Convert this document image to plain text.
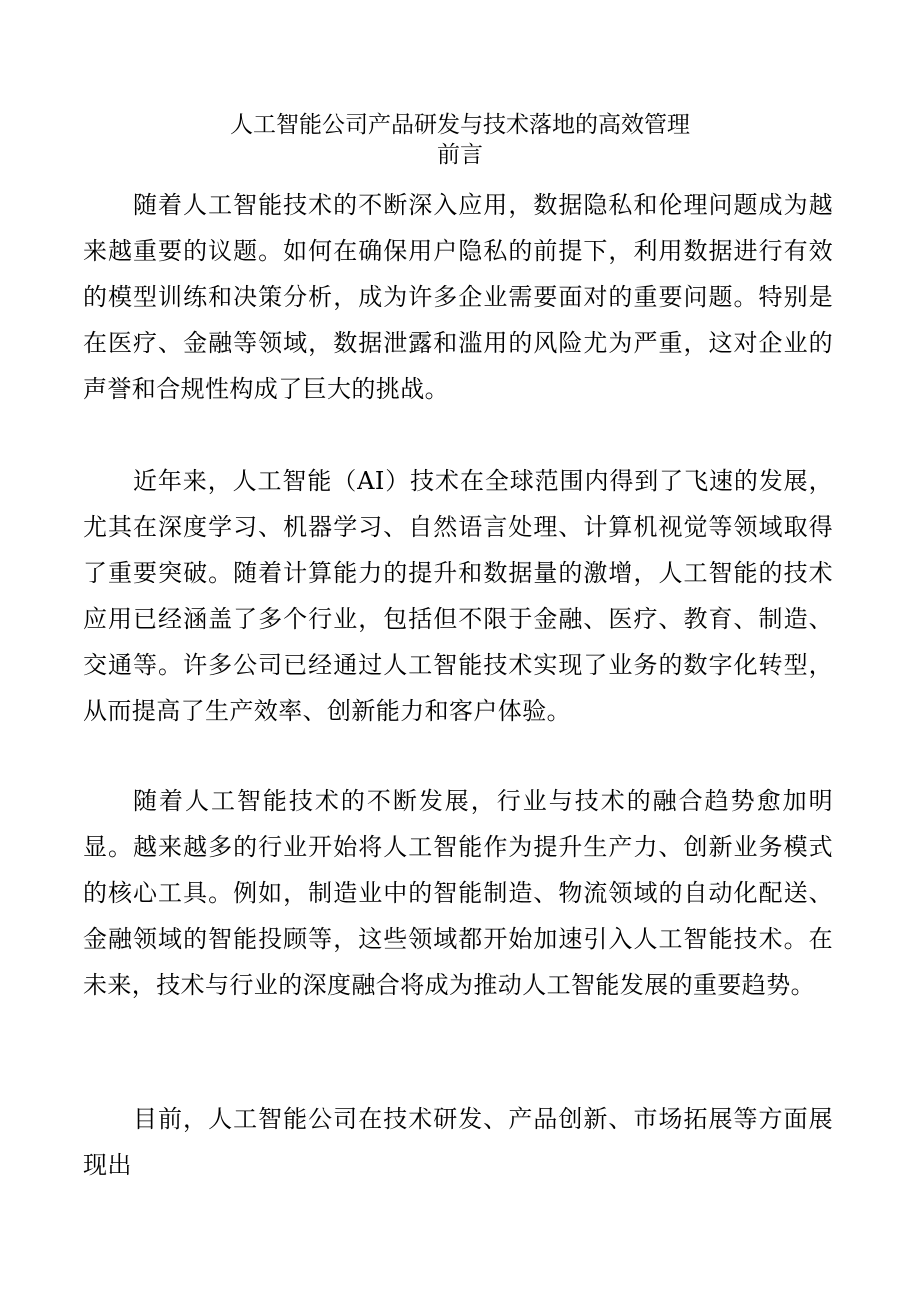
人工智能公司产品研发与技术落地的高效管理
前言

随着人工智能技术的不断深入应用，数据隐私和伦理问题成为越来越重要的议题。如何在确保用户隐私的前提下，利用数据进行有效的模型训练和决策分析，成为许多企业需要面对的重要问题。特别是在医疗、金融等领域，数据泄露和滥用的风险尤为严重，这对企业的声誉和合规性构成了巨大的挑战。

近年来，人工智能（AI）技术在全球范围内得到了飞速的发展，尤其在深度学习、机器学习、自然语言处理、计算机视觉等领域取得了重要突破。随着计算能力的提升和数据量的激增，人工智能的技术应用已经涵盖了多个行业，包括但不限于金融、医疗、教育、制造、交通等。许多公司已经通过人工智能技术实现了业务的数字化转型，从而提高了生产效率、创新能力和客户体验。

随着人工智能技术的不断发展，行业与技术的融合趋势愈加明显。越来越多的行业开始将人工智能作为提升生产力、创新业务模式的核心工具。例如，制造业中的智能制造、物流领域的自动化配送、金融领域的智能投顾等，这些领域都开始加速引入人工智能技术。在未来，技术与行业的深度融合将成为推动人工智能发展的重要趋势。

目前，人工智能公司在技术研发、产品创新、市场拓展等方面展现出
